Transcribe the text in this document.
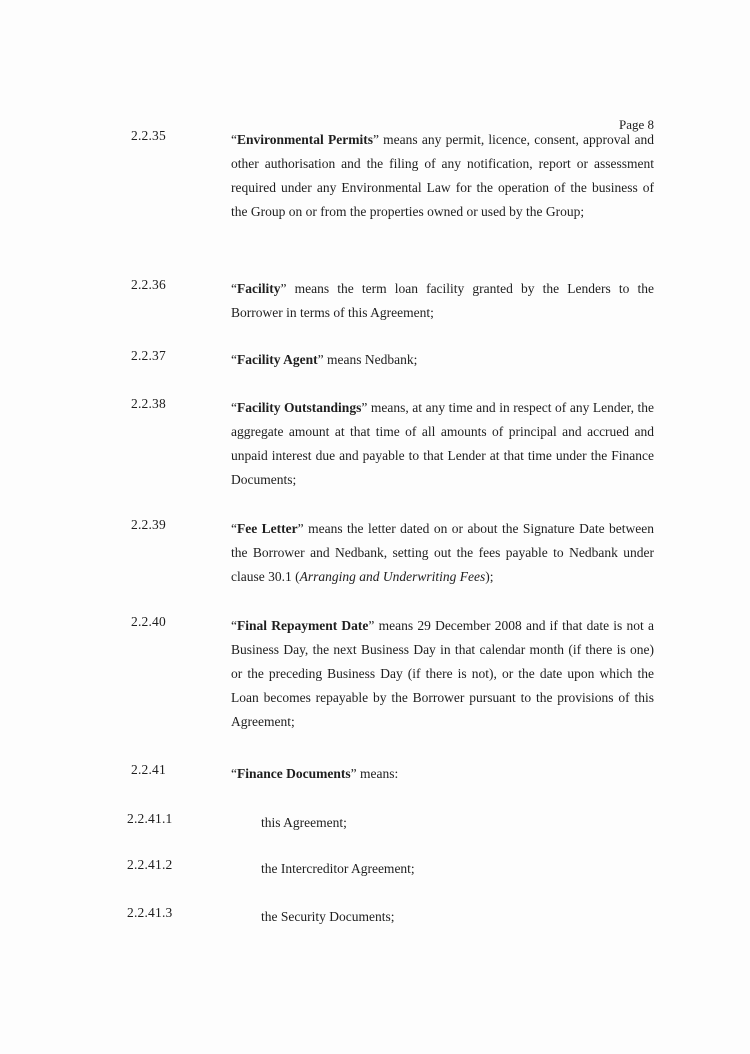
Page 8
2.2.35	“Environmental Permits” means any permit, licence, consent, approval and other authorisation and the filing of any notification, report or assessment required under any Environmental Law for the operation of the business of the Group on or from the properties owned or used by the Group;

2.2.36	“Facility” means the term loan facility granted by the Lenders to the Borrower in terms of this Agreement;

2.2.37	“Facility Agent” means Nedbank;

2.2.38	“Facility Outstandings” means, at any time and in respect of any Lender, the aggregate amount at that time of all amounts of principal and accrued and unpaid interest due and payable to that Lender at that time under the Finance Documents;

2.2.39	“Fee Letter” means the letter dated on or about the Signature Date between the Borrower and Nedbank, setting out the fees payable to Nedbank under clause 30.1 (Arranging and Underwriting Fees);

2.2.40	“Final Repayment Date” means 29 December 2008 and if that date is not a Business Day, the next Business Day in that calendar month (if there is one) or the preceding Business Day (if there is not), or the date upon which the Loan becomes repayable by the Borrower pursuant to the provisions of this Agreement;

2.2.41	“Finance Documents” means:

2.2.41.1	this Agreement;
2.2.41.2	the Intercreditor Agreement;
2.2.41.3	the Security Documents;
